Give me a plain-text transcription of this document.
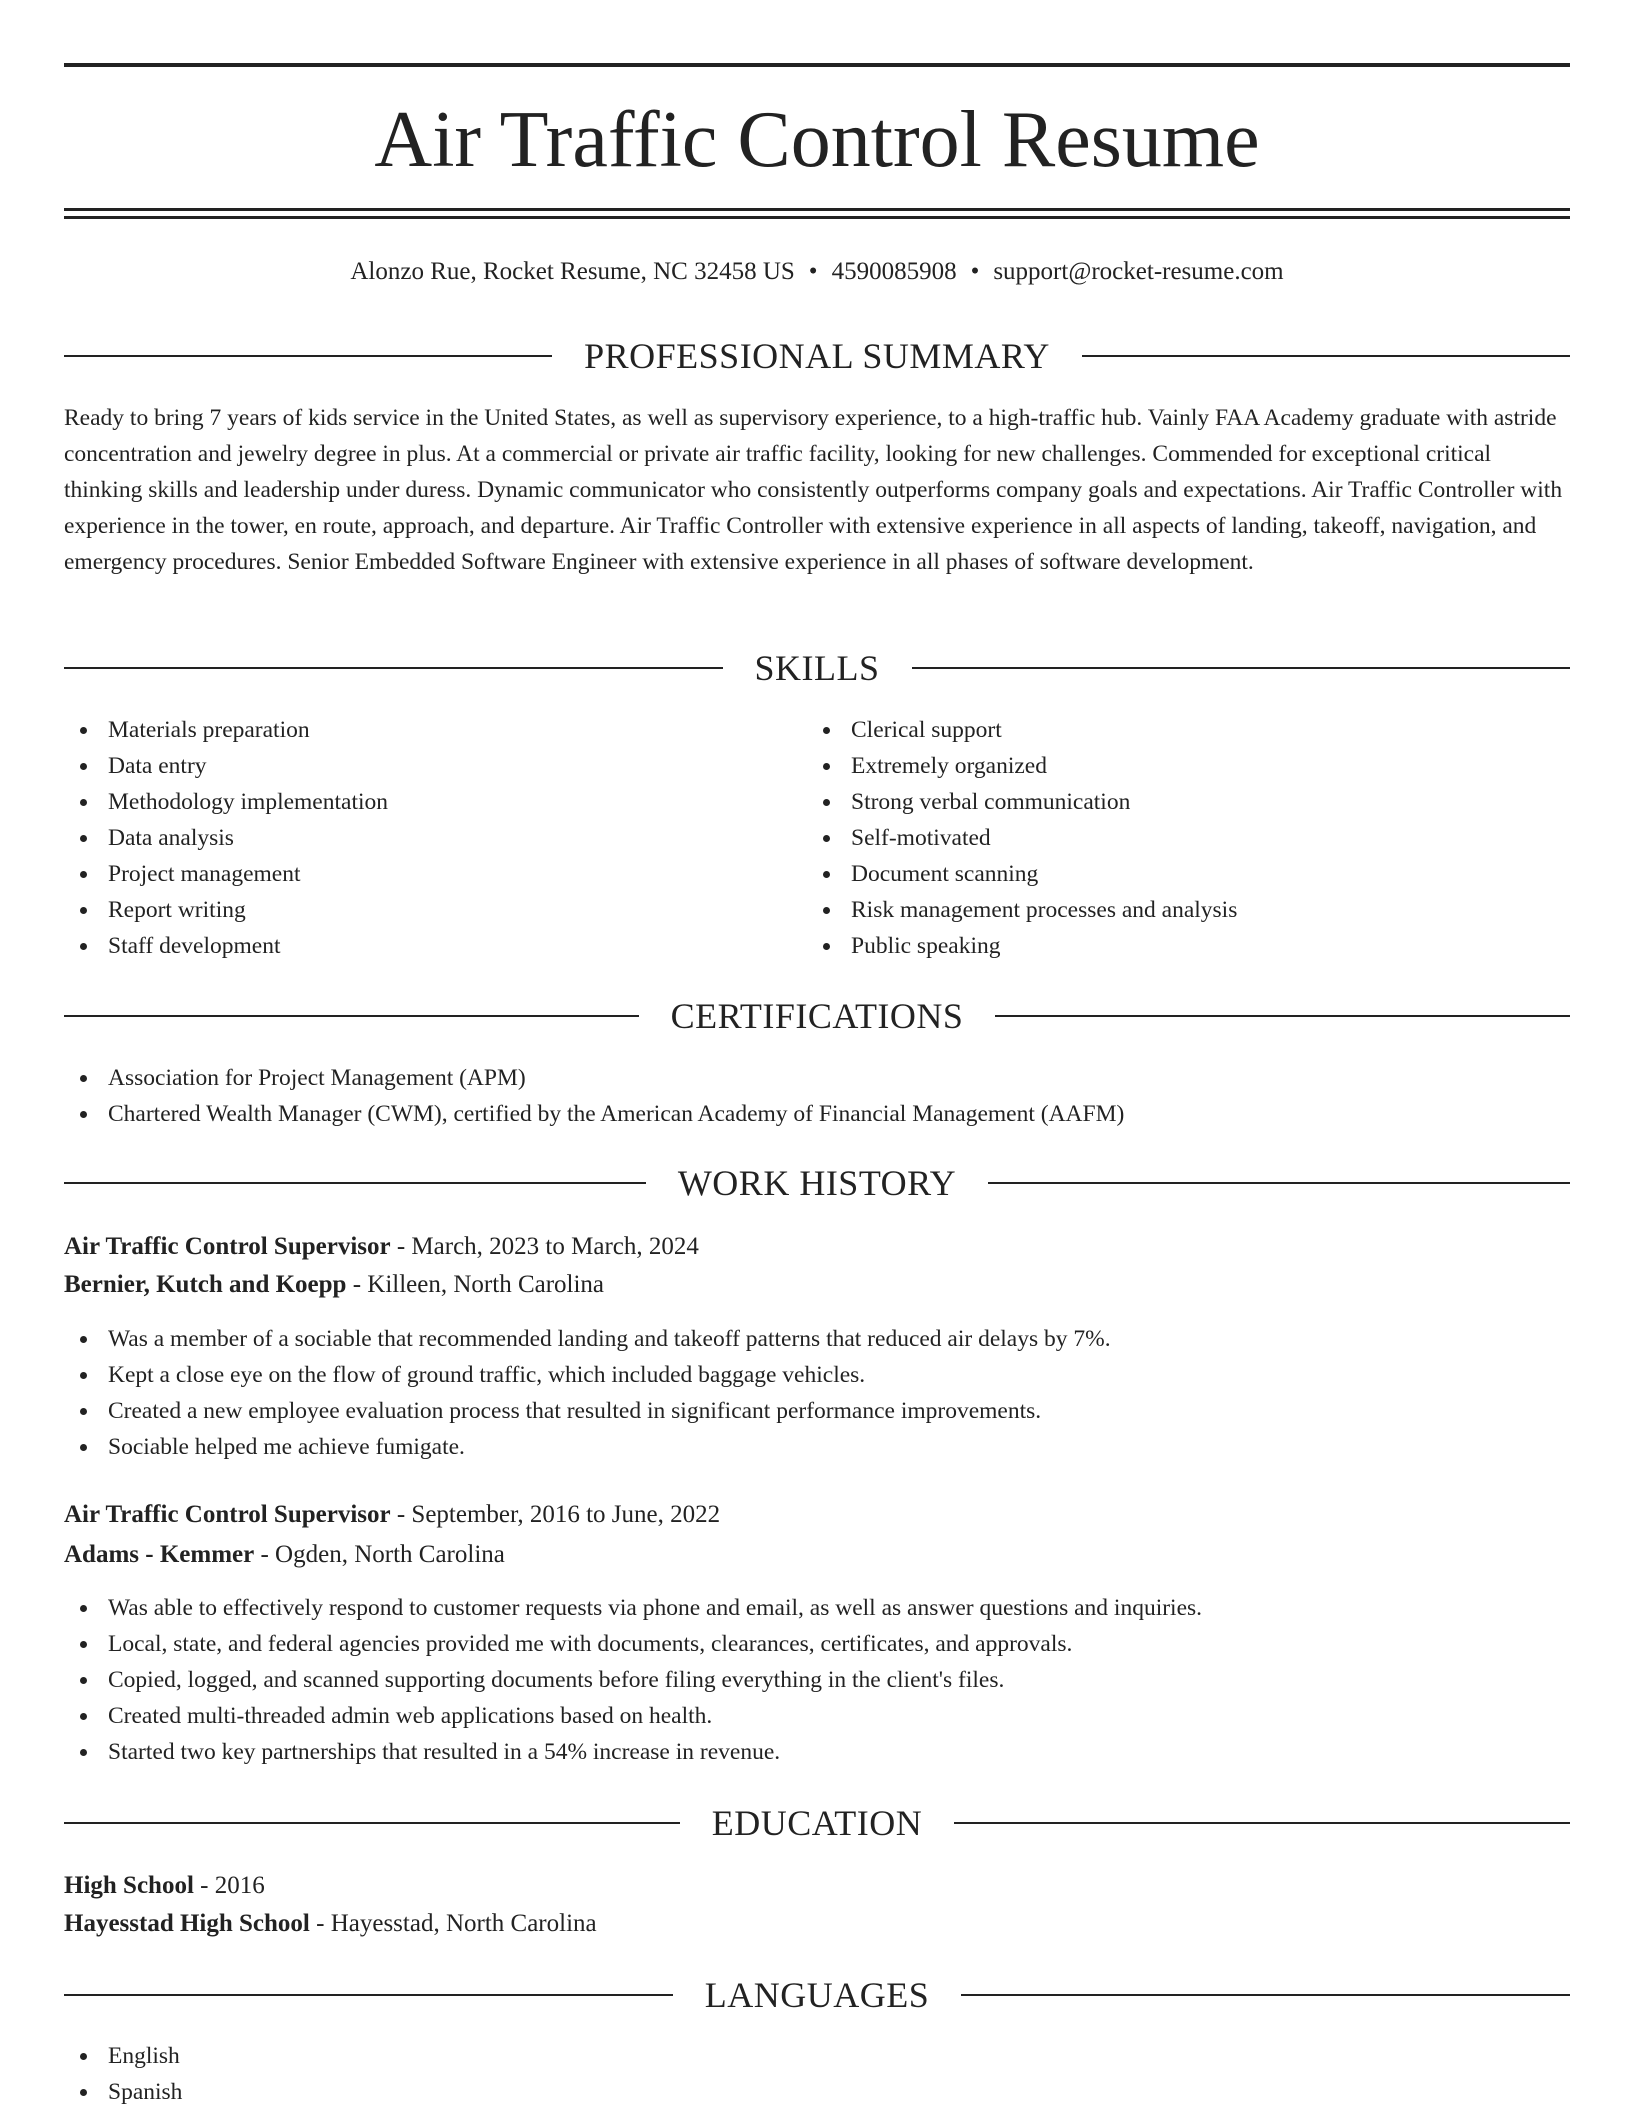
Air Traffic Control Resume
Alonzo Rue, Rocket Resume, NC 32458 US • 4590085908 • support@rocket-resume.com
PROFESSIONAL SUMMARY

Ready to bring 7 years of kids service in the United States, as well as supervisory experience, to a high-traffic hub. Vainly FAA Academy graduate with astride concentration and jewelry degree in plus. At a commercial or private air traffic facility, looking for new challenges. Commended for exceptional critical thinking skills and leadership under duress. Dynamic communicator who consistently outperforms company goals and expectations. Air Traffic Controller with experience in the tower, en route, approach, and departure. Air Traffic Controller with extensive experience in all aspects of landing, takeoff, navigation, and emergency procedures. Senior Embedded Software Engineer with extensive experience in all phases of software development.

SKILLS
Materials preparation
Data entry
Methodology implementation
Data analysis
Project management
Report writing
Staff development
Clerical support
Extremely organized
Strong verbal communication
Self-motivated
Document scanning
Risk management processes and analysis
Public speaking
CERTIFICATIONS
Association for Project Management (APM)
Chartered Wealth Manager (CWM), certified by the American Academy of Financial Management (AAFM)
WORK HISTORY
Air Traffic Control Supervisor - March, 2023 to March, 2024
Bernier, Kutch and Koepp - Killeen, North Carolina
Was a member of a sociable that recommended landing and takeoff patterns that reduced air delays by 7%.
Kept a close eye on the flow of ground traffic, which included baggage vehicles.
Created a new employee evaluation process that resulted in significant performance improvements.
Sociable helped me achieve fumigate.
Air Traffic Control Supervisor - September, 2016 to June, 2022
Adams - Kemmer - Ogden, North Carolina
Was able to effectively respond to customer requests via phone and email, as well as answer questions and inquiries.
Local, state, and federal agencies provided me with documents, clearances, certificates, and approvals.
Copied, logged, and scanned supporting documents before filing everything in the client's files.
Created multi-threaded admin web applications based on health.
Started two key partnerships that resulted in a 54% increase in revenue.
EDUCATION
High School - 2016
Hayesstad High School - Hayesstad, North Carolina
LANGUAGES
English
Spanish
